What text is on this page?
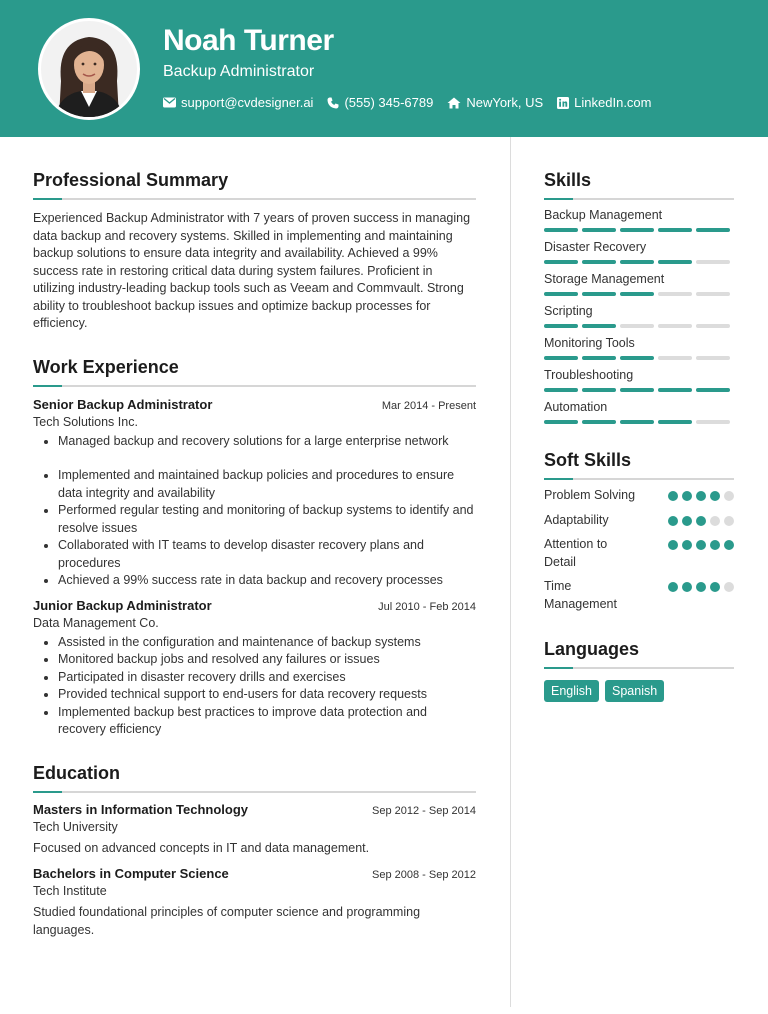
Noah Turner
Backup Administrator
support@cvdesigner.ai (555) 345-6789	NewYork, US LinkedIn.com
Professional Summary

Experienced Backup Administrator with 7 years of proven success in managing data backup and recovery systems. Skilled in implementing and maintaining backup solutions to ensure data integrity and availability. Achieved a 99% success rate in restoring critical data during system failures. Proficient in utilizing industry-leading backup tools such as Veeam and Commvault. Strong ability to troubleshoot backup issues and optimize backup processes for efficiency.

Work Experience
Senior Backup Administrator	Mar 2014 - Present
Tech Solutions Inc.
• Managed backup and recovery solutions for a large enterprise network
• Implemented and maintained backup policies and procedures to ensure data integrity and availability
• Performed regular testing and monitoring of backup systems to identify and resolve issues
• Collaborated with IT teams to develop disaster recovery plans and procedures
• Achieved a 99% success rate in data backup and recovery processes
Junior Backup Administrator	Jul 2010 - Feb 2014
Data Management Co.
• Assisted in the configuration and maintenance of backup systems
• Monitored backup jobs and resolved any failures or issues
• Participated in disaster recovery drills and exercises
• Provided technical support to end-users for data recovery requests
• Implemented backup best practices to improve data protection and recovery efficiency
Education
Masters in Information Technology	Sep 2012 - Sep 2014
Tech University

Focused on advanced concepts in IT and data management.

Bachelors in Computer Science	Sep 2008 - Sep 2012
Tech Institute

Studied foundational principles of computer science and programming languages.

Skills
Backup Management
Disaster Recovery
Storage Management
Scripting
Monitoring Tools
Troubleshooting
Automation
Soft Skills
Problem Solving
Adaptability
Attention to Detail
Time Management
Languages
English	Spanish
